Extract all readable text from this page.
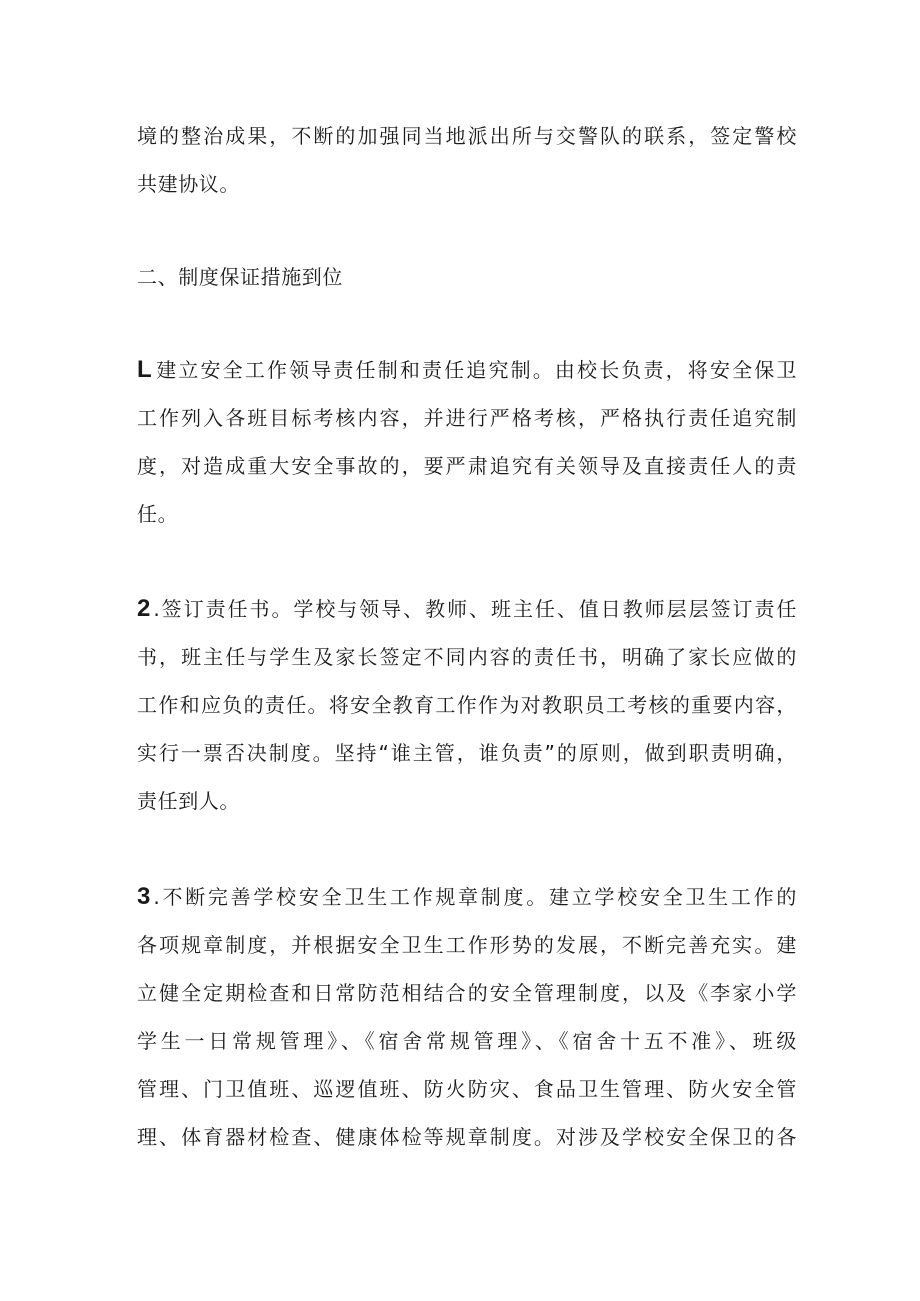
境的整治成果，不断的加强同当地派出所与交警队的联系，签定警校
共建协议。
二、制度保证措施到位
L 建立安全工作领导责任制和责任追究制。由校长负责，将安全保卫
工作列入各班目标考核内容，并进行严格考核，严格执行责任追究制
度，对造成重大安全事故的，要严肃追究有关领导及直接责任人的责
任。
2 .签订责任书。学校与领导、教师、班主任、值日教师层层签订责任
书，班主任与学生及家长签定不同内容的责任书，明确了家长应做的
工作和应负的责任。将安全教育工作作为对教职员工考核的重要内容，
实行一票否决制度。坚持“谁主管，谁负责”的原则，做到职责明确，
责任到人。
3 .不断完善学校安全卫生工作规章制度。建立学校安全卫生工作的
各项规章制度，并根据安全卫生工作形势的发展，不断完善充实。建
立健全定期检查和日常防范相结合的安全管理制度，以及《李家小学
学生一日常规管理》、《宿舍常规管理》、《宿舍十五不准》、班级
管理、门卫值班、巡逻值班、防火防灾、食品卫生管理、防火安全管
理、体育器材检查、健康体检等规章制度。对涉及学校安全保卫的各
